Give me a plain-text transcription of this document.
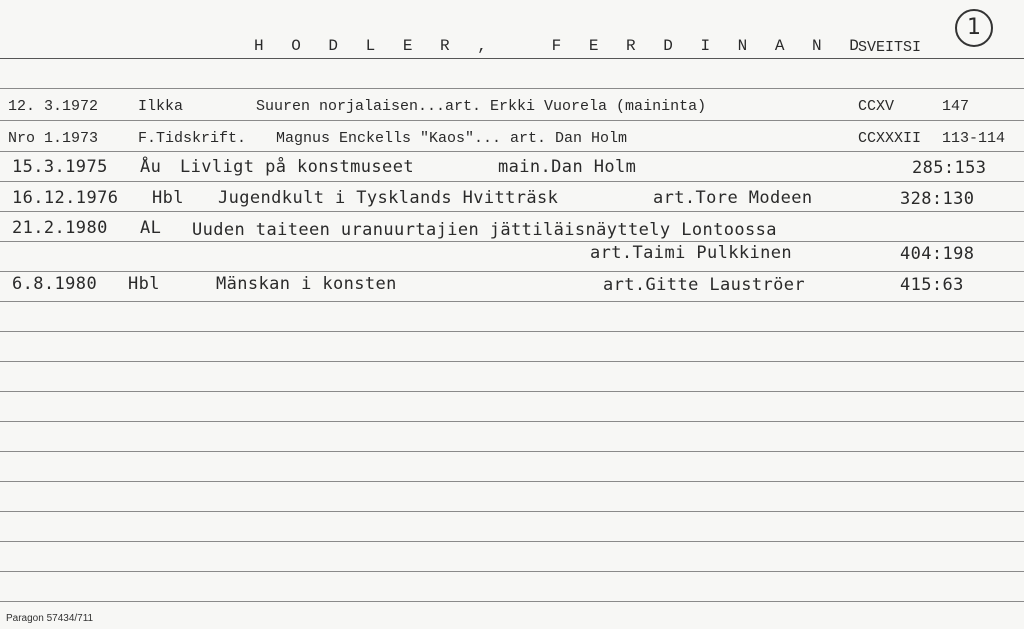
H O D L E R ,   F E R D I N A N D
SVEITSI
1
12. 3.1972	Ilkka	Suuren norjalaisen...art. Erkki Vuorela (maininta)	CCXV	147
Nro 1.1973	F.Tidskrift. Magnus Enckells "Kaos"... art. Dan Holm	CCXXXII 113-114
15.3.1975 Åu Livligt på konstmuseet	main.Dan Holm	285:153
16.12.1976 Hbl Jugendkult i Tysklands Hvitträsk	art.Tore Modeen	328:130
21.2.1980 AL Uuden taiteen uranuurtajien jättiläisnäyttely Lontoossa
art.Taimi Pulkkinen	404:198
6.8.1980 Hbl	Mänskan i konsten	art.Gitte Lauströer	415:63
Paragon 57434/711
